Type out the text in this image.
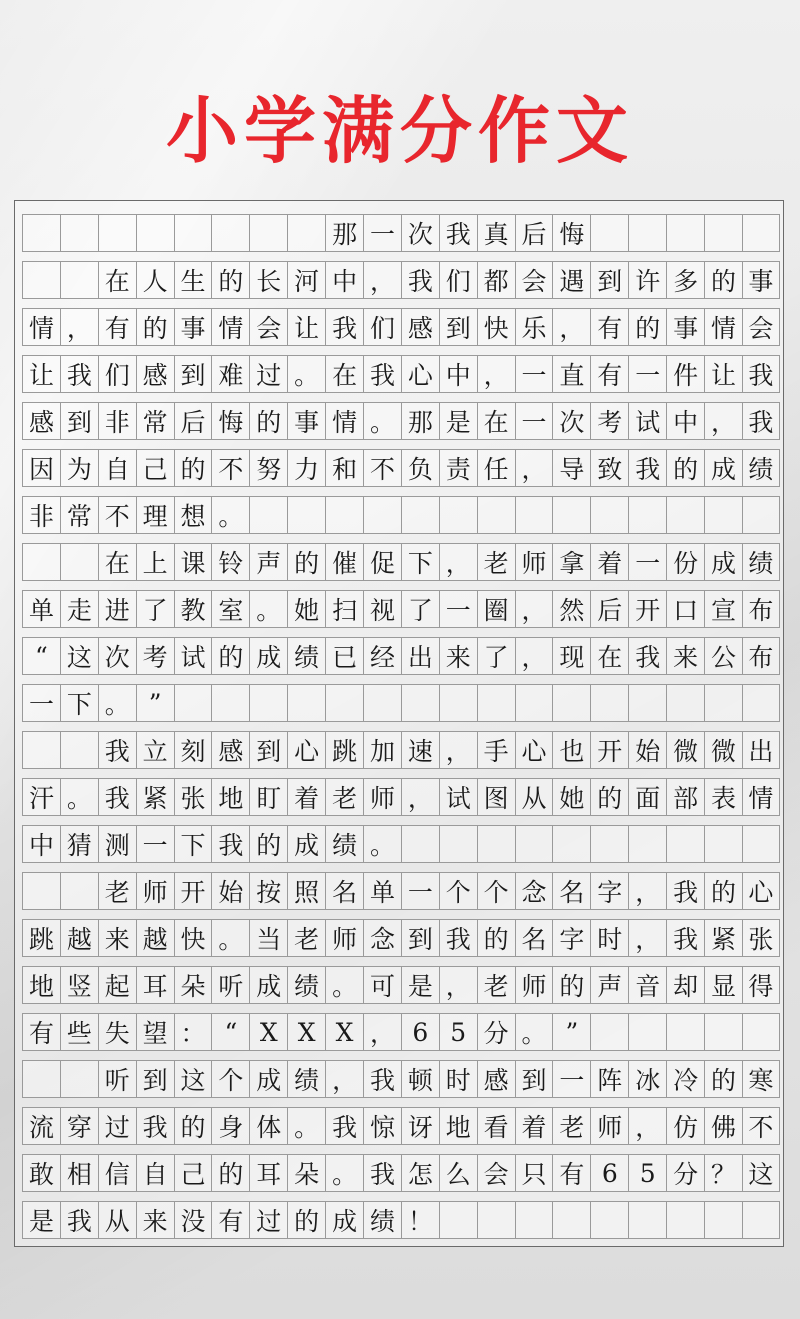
小学满分作文
那 一 次 我 真 后 悔
在 人 生 的 长 河 中 ， 我 们 都 会 遇 到 许 多 的 事
情 ， 有 的 事 情 会 让 我 们 感 到 快 乐 ， 有 的 事 情 会
让 我 们 感 到 难 过 。 在 我 心 中 ， 一 直 有 一 件 让 我
感 到 非 常 后 悔 的 事 情 。 那 是 在 一 次 考 试 中 ， 我
因 为 自 己 的 不 努 力 和 不 负 责 任 ， 导 致 我 的 成 绩
非 常 不 理 想 。
在 上 课 铃 声 的 催 促 下 ， 老 师 拿 着 一 份 成 绩
单 走 进 了 教 室 。 她 扫 视 了 一 圈 ， 然 后 开 口 宣 布
“ 这 次 考 试 的 成 绩 已 经 出 来 了 ， 现 在 我 来 公 布
一 下 。 ”
我 立 刻 感 到 心 跳 加 速 ， 手 心 也 开 始 微 微 出
汗 。 我 紧 张 地 盯 着 老 师 ， 试 图 从 她 的 面 部 表 情
中 猜 测 一 下 我 的 成 绩 。
老 师 开 始 按 照 名 单 一 个 个 念 名 字 ， 我 的 心
跳 越 来 越 快 。 当 老 师 念 到 我 的 名 字 时 ， 我 紧 张
地 竖 起 耳 朵 听 成 绩 。 可 是 ， 老 师 的 声 音 却 显 得
有 些 失 望 ： “ X X X ， 6 5 分 。 ”
听 到 这 个 成 绩 ， 我 顿 时 感 到 一 阵 冰 冷 的 寒
流 穿 过 我 的 身 体 。 我 惊 讶 地 看 着 老 师 ， 仿 佛 不
敢 相 信 自 己 的 耳 朵 。 我 怎 么 会 只 有 6 5 分 ？ 这
是 我 从 来 没 有 过 的 成 绩 ！
